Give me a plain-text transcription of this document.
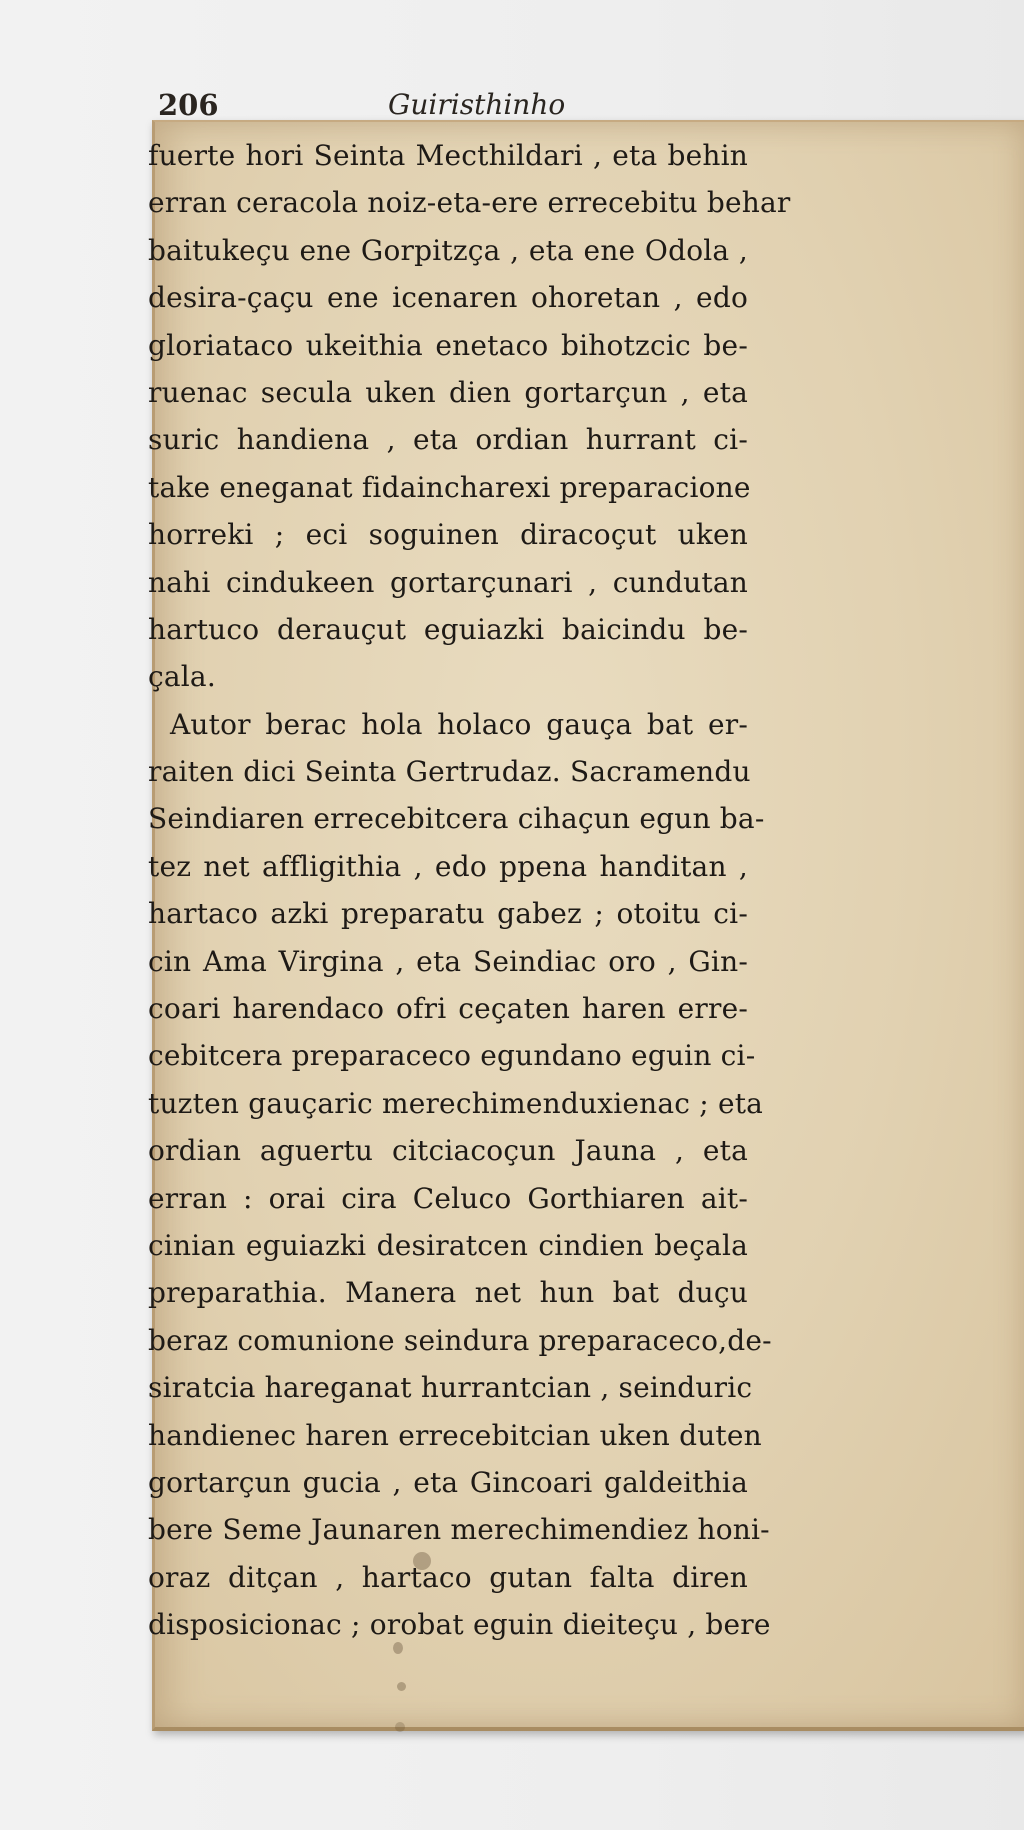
206	Guiristhinho
fuerte hori Seinta Mecthildari , eta behin
erran ceracola noiz-eta-ere errecebitu behar
baitukeçu ene Gorpitzça , eta ene Odola ,
desira-çaçu ene icenaren ohoretan , edo
gloriataco ukeithia enetaco bihotzcic be-
ruenac secula uken dien gortarçun , eta
suric handiena , eta ordian hurrant ci-
take eneganat fidaincharexi preparacione
horreki ; eci soguinen diracoçut uken
nahi cindukeen gortarçunari , cundutan
hartuco derauçut eguiazki baicindu be-
çala.
Autor berac hola holaco gauça bat er-
raiten dici Seinta Gertrudaz. Sacramendu
Seindiaren errecebitcera cihaçun egun ba-
tez net affligithia , edo ppena handitan ,
hartaco azki preparatu gabez ; otoitu ci-
cin Ama Virgina , eta Seindiac oro , Gin-
coari harendaco ofri ceçaten haren erre-
cebitcera preparaceco egundano eguin ci-
tuzten gauçaric merechimenduxienac ; eta
ordian aguertu citciacoçun Jauna , eta
erran : orai cira Celuco Gorthiaren ait-
cinian eguiazki desiratcen cindien beçala
preparathia. Manera net hun bat duçu
beraz comunione seindura preparaceco,de-
siratcia hareganat hurrantcian , seinduric
handienec haren errecebitcian uken duten
gortarçun gucia , eta Gincoari galdeithia
bere Seme Jaunaren merechimendiez honi-
oraz ditçan , hartaco gutan falta diren
disposicionac ; orobat eguin dieiteçu , bere
